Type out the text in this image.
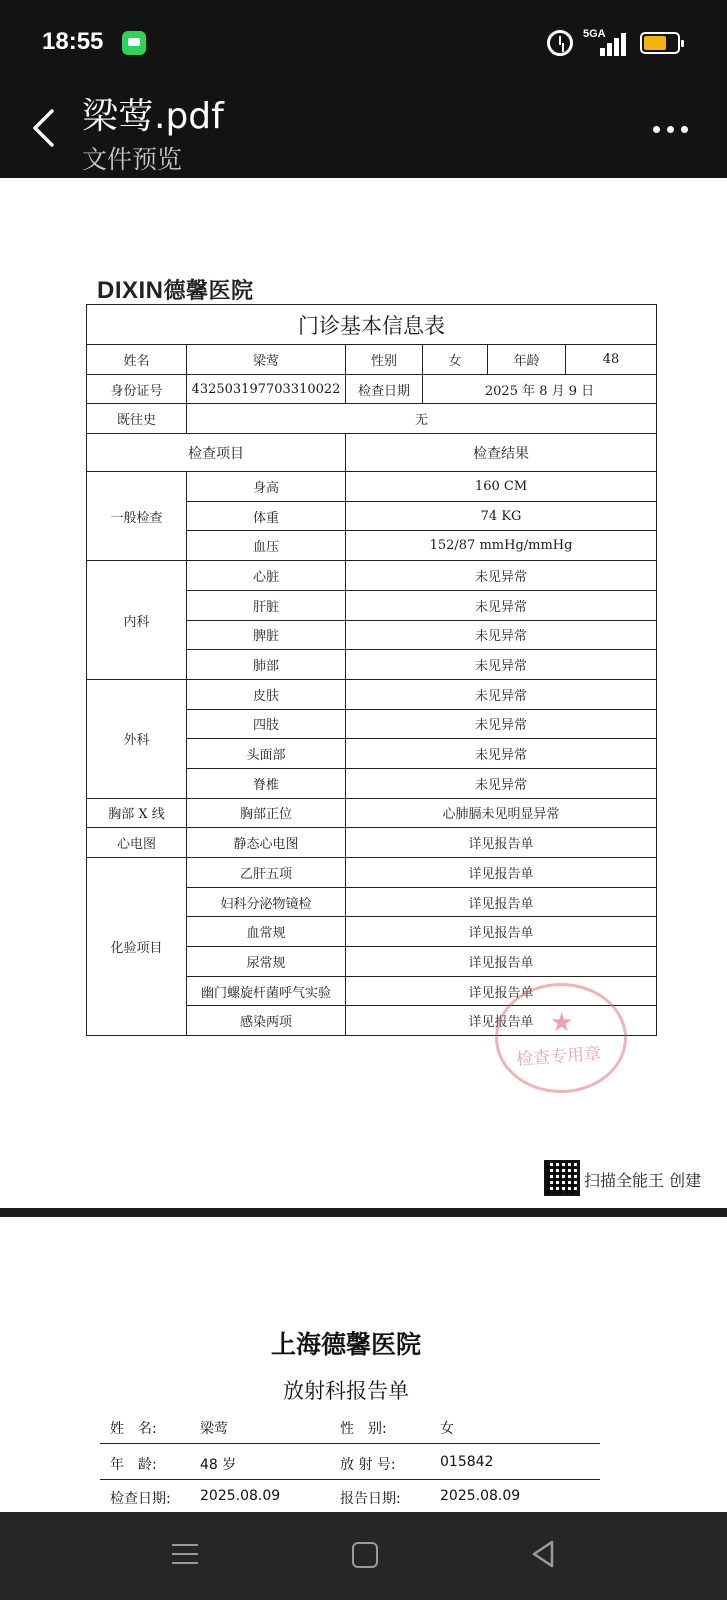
18:55	5GA
梁莺.pdf
文件预览
DIXIN德馨医院
门诊基本信息表					
姓名	梁莺	性别	女	年龄	48
身份证号	432503197703310022	检查日期	2025 年 8 月 9 日		
既往史	无				
检查项目		检查结果			
一般检查	身高	160 CM			
	体重	74 KG			
	血压	152/87 mmHg/mmHg			
内科	心脏	未见异常			
	肝脏	未见异常			
	脾脏	未见异常			
	肺部	未见异常			
外科	皮肤	未见异常			
	四肢	未见异常			
	头面部	未见异常			
	脊椎	未见异常			
胸部 X 线	胸部正位	心肺膈未见明显异常			
心电图	静态心电图	详见报告单			
化验项目	乙肝五项	详见报告单			
	妇科分泌物镜检	详见报告单			
	血常规	详见报告单			
	尿常规	详见报告单			
	幽门螺旋杆菌呼气实验	详见报告单			
	感染两项	详见报告单			★
检查专用章
扫描全能王 创建
上海德馨医院
放射科报告单
姓　名:	梁莺	性　别:	女
年　龄:	48 岁	放 射 号:	015842
检查日期: 2025.08.09	报告日期:	2025.08.09
